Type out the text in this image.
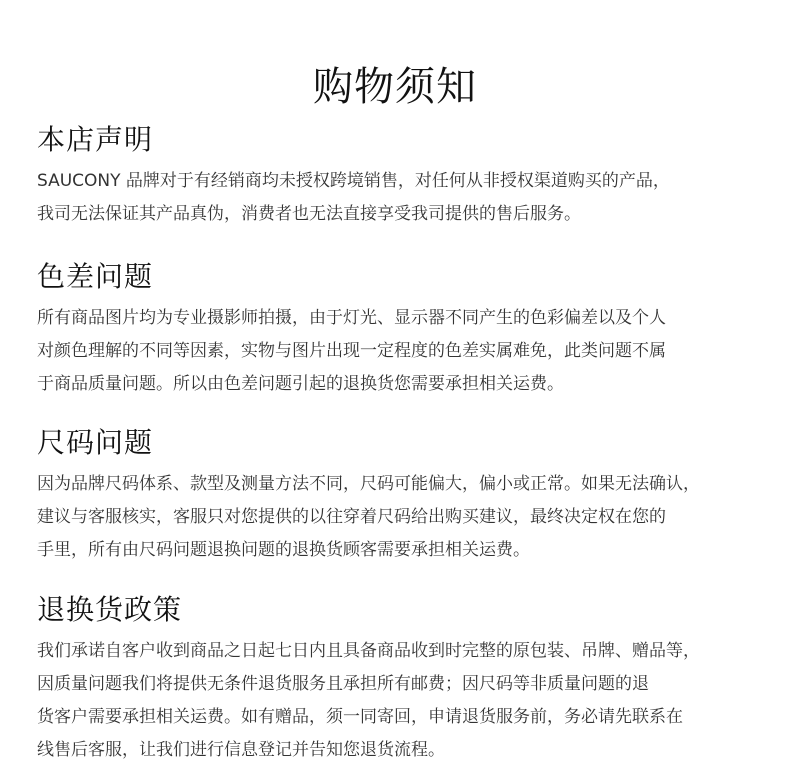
购物须知
本店声明
SAUCONY 品牌对于有经销商均未授权跨境销售，对任何从非授权渠道购买的产品，
我司无法保证其产品真伪，消费者也无法直接享受我司提供的售后服务。
色差问题
所有商品图片均为专业摄影师拍摄，由于灯光、显示器不同产生的色彩偏差以及个人
对颜色理解的不同等因素，实物与图片出现一定程度的色差实属难免，此类问题不属
于商品质量问题。所以由色差问题引起的退换货您需要承担相关运费。
尺码问题
因为品牌尺码体系、款型及测量方法不同，尺码可能偏大，偏小或正常。如果无法确认，
建议与客服核实，客服只对您提供的以往穿着尺码给出购买建议，最终决定权在您的
手里，所有由尺码问题退换问题的退换货顾客需要承担相关运费。
退换货政策
我们承诺自客户收到商品之日起七日内且具备商品收到时完整的原包装、吊牌、赠品等，
因质量问题我们将提供无条件退货服务且承担所有邮费；因尺码等非质量问题的退
货客户需要承担相关运费。如有赠品，须一同寄回，申请退货服务前，务必请先联系在
线售后客服，让我们进行信息登记并告知您退货流程。
